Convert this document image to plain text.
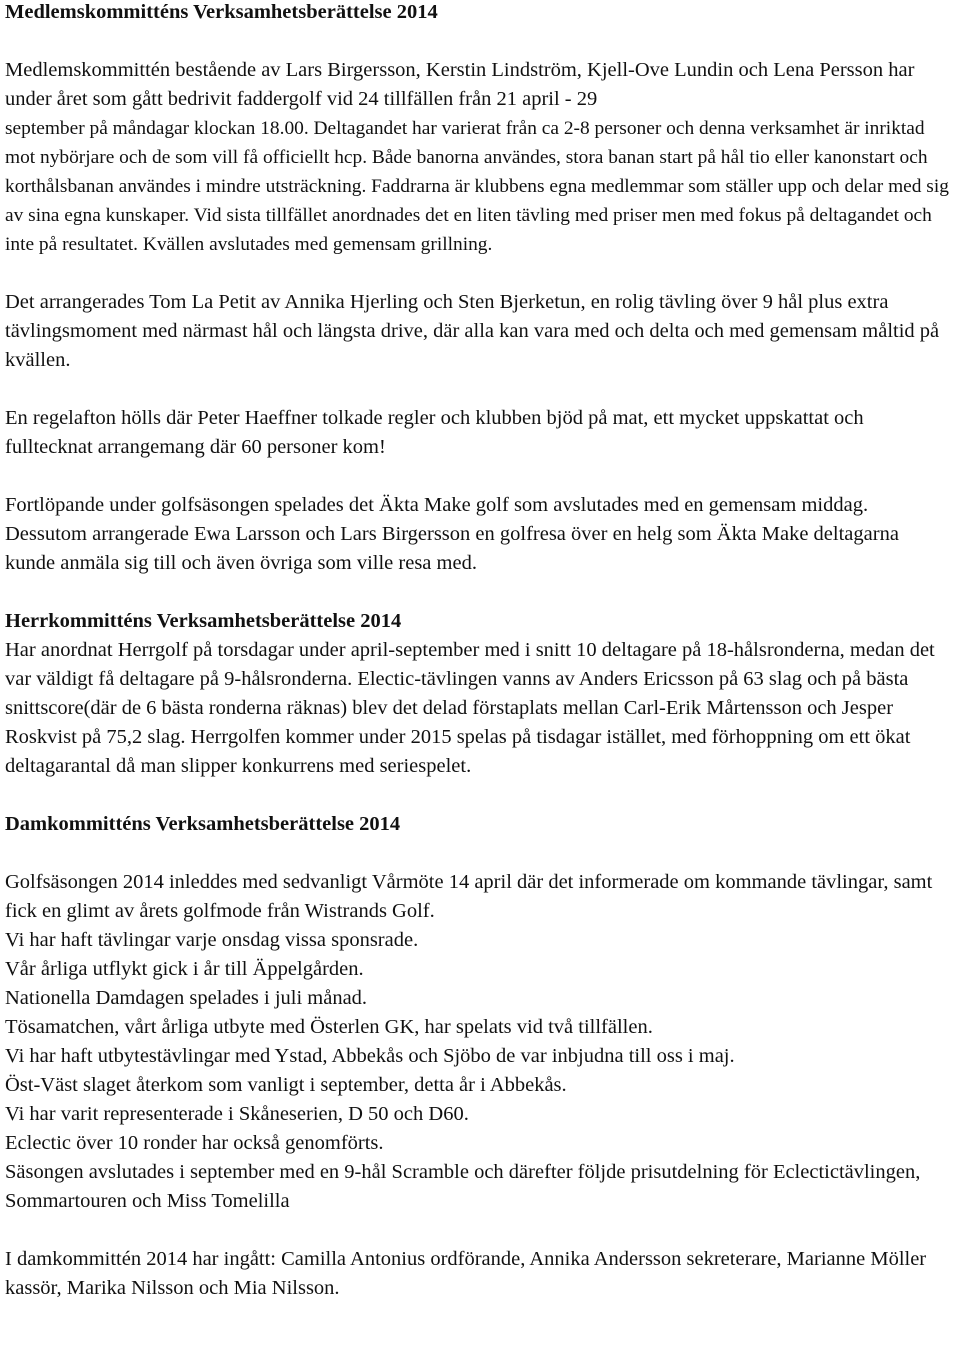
Medlemskommitténs Verksamhetsberättelse 2014

Medlemskommittén bestående av Lars Birgersson, Kerstin Lindström, Kjell-Ove Lundin och Lena Persson har under året som gått bedrivit faddergolf vid 24 tillfällen från 21 april - 29

september på måndagar klockan 18.00. Deltagandet har varierat från ca 2-8 personer och denna verksamhet är inriktad mot nybörjare och de som vill få officiellt hcp. Både banorna användes, stora banan start på hål tio eller kanonstart och korthålsbanan användes i mindre utsträckning. Faddrarna är klubbens egna medlemmar som ställer upp och delar med sig av sina egna kunskaper. Vid sista tillfället anordnades det en liten tävling med priser men med fokus på deltagandet och inte på resultatet. Kvällen avslutades med gemensam grillning.

Det arrangerades Tom La Petit av Annika Hjerling och Sten Bjerketun, en rolig tävling över 9 hål plus extra tävlingsmoment med närmast hål och längsta drive, där alla kan vara med och delta och med gemensam måltid på kvällen.

En regelafton hölls där Peter Haeffner tolkade regler och klubben bjöd på mat, ett mycket uppskattat och fulltecknat arrangemang där 60 personer kom!

Fortlöpande under golfsäsongen spelades det Äkta Make golf som avslutades med en gemensam middag. Dessutom arrangerade Ewa Larsson och Lars Birgersson en golfresa över en helg som Äkta Make deltagarna kunde anmäla sig till och även övriga som ville resa med.

Herrkommitténs Verksamhetsberättelse 2014

Har anordnat Herrgolf på torsdagar under april-september med i snitt 10 deltagare på 18-hålsronderna, medan det var väldigt få deltagare på 9-hålsronderna. Electic-tävlingen vanns av Anders Ericsson på 63 slag och på bästa snittscore(där de 6 bästa ronderna räknas) blev det delad förstaplats mellan Carl-Erik Mårtensson och Jesper Roskvist på 75,2 slag. Herrgolfen kommer under 2015 spelas på tisdagar istället, med förhoppning om ett ökat deltagarantal då man slipper konkurrens med seriespelet.

Damkommitténs Verksamhetsberättelse 2014

Golfsäsongen 2014 inleddes med sedvanligt Vårmöte 14 april där det informerade om kommande tävlingar, samt fick en glimt av årets golfmode från Wistrands Golf.

Vi har haft tävlingar varje onsdag vissa sponsrade.

Vår årliga utflykt gick i år till Äppelgården.

Nationella Damdagen spelades i juli månad.

Tösamatchen, vårt årliga utbyte med Österlen GK, har spelats vid två tillfällen.

Vi har haft utbytestävlingar med Ystad, Abbekås och Sjöbo de var inbjudna till oss i maj.

Öst-Väst slaget återkom som vanligt i september, detta år i Abbekås.

Vi har varit representerade i Skåneserien, D 50 och D60.

Eclectic över 10 ronder har också genomförts.

Säsongen avslutades i september med en 9-hål Scramble och därefter följde prisutdelning för Eclectictävlingen, Sommartouren och Miss Tomelilla

I damkommittén 2014 har ingått: Camilla Antonius ordförande, Annika Andersson sekreterare, Marianne Möller kassör, Marika Nilsson och Mia Nilsson.
